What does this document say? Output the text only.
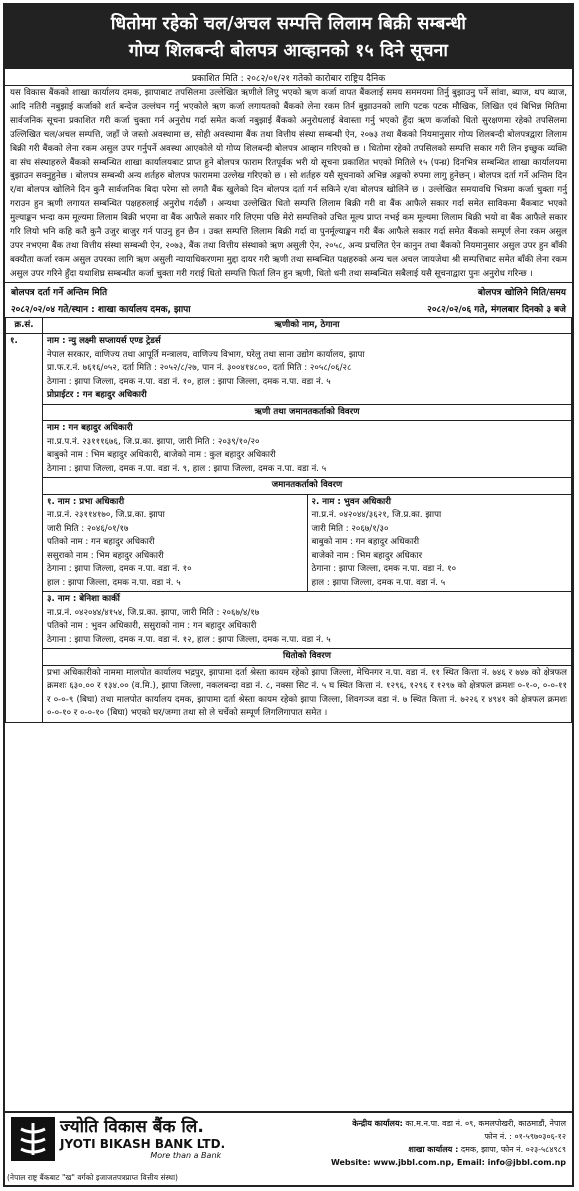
धितोमा रहेको चल/अचल सम्पत्ति लिलाम बिक्री सम्बन्धी
गोप्य शिलबन्दी बोलपत्र आव्हानको १५ दिने सूचना
प्रकाशित मिति : २०८२/०१/२१ गतेको कारोबार राष्ट्रिय दैनिक
यस विकास बैंकको शाखा कार्यालय दमक, झापाबाट तपसिलमा उल्लेखित ऋणीले लिएु भएको ऋण कर्जा वापत बैंकलाई समय सममयमा तिर्नु बुझाउनु पर्ने सांवा, ब्याज, थप ब्याज, आदि नतिरी नबुझाई कर्जाको शर्त बन्देज उल्लंघन गर्नु भएकोले ऋण कर्जा लगायतको बैंकको लेना रकम तिर्न बुझाउनको लागि पटक पटक मौखिक, लिखित एवं बिभिन्न मितिमा सार्वजनिक सूचना प्रकाशित गरी कर्जा चुक्ता गर्न अनुरोध गर्दा समेत कर्जा नबुझाई बैंकको अनुरोधलाई बेवास्ता गर्नु भएको हुँदा ऋण कर्जाको धितो सुरक्षणमा रहेको तपसिलमा उल्लिखित चल/अचल सम्पत्ति, जहाँ जे जस्तो अवस्थामा छ, सोही अवस्थामा बैंक तथा वित्तीय संस्था सम्बन्धी ऐन, २०७३ तथा बैंकको नियमानुसार गोप्य शिलबन्दी बोलपत्रद्वारा लिलाम बिक्री गरी बैंकको लेना रकम असुल उपर गर्नुपर्ने अवस्था आएकोले यो गोप्य शिलबन्दी बोलपत्र आव्हान गरिएको छ । धितोमा रहेको तपसिलको सम्पत्ति सकार गरी लिन इच्छुक व्यक्ति वा संघ संस्थाहरुले बैंकको सम्बन्धित शाखा कार्यालयबाट प्राप्त हुने बोलपत्र फाराम रितपूर्वक भरी यो सूचना प्रकाशित भएको मितिले १५ (पन्ध्र) दिनभित्र सम्बन्धित शाखा कार्यालयमा बुझाउन सक्नुहुनेछ । बोलपत्र सम्बन्धी अन्य शर्तहरु बोलपत्र फाराममा उल्लेख गरिएको छ । सो शर्तहरु यसै सूचनाको अभिन्न अङ्गको रुपमा लागु हुनेछन् । बोलपत्र दर्ता गर्ने अन्तिम दिन र/वा बोलपत्र खोलिने दिन कुनै सार्वजनिक बिदा परेमा सो लगतै बैंक खुलेको दिन बोलपत्र दर्ता गर्न सकिने र/वा बोलपत्र खोलिने छ । उल्लेखित समयावधि भित्रमा कर्जा चुक्ता गर्नु गराउन हुन ऋणी लगायत सम्बन्धित पक्षहरुलाई अनुरोध गर्दछौं । अन्यथा उल्लेखित धितो सम्पत्ति लिलाम बिक्री गरी वा बैंक आफैले सकार गर्दा समेत साविकमा बैंकबाट भएको मुल्याङ्कन भन्दा कम मूल्यमा लिलाम बिक्री भएमा वा बैंक आफैले सकार गरि लिएमा पछि मेरो सम्पत्तिको उचित मूल्य प्राप्त नभई कम मूल्यमा लिलाम बिक्री भयो वा बैंक आफैले सकार गरि लियो भनि कहि कतै कुनै उजुर बाजुर गर्न पाउनु हुन छैन । उक्त सम्पत्ति लिलाम बिक्री गर्दा वा पुनर्मूल्याङ्कन गरी बैंक आफैले सकार गर्दा समेत बैंकको सम्पूर्ण लेना रकम असुल उपर नभएमा बैंक तथा वित्तीय संस्था सम्बन्धी ऐन, २०७३, बैंक तथा वित्तीय संस्थाको ऋण असुली ऐन, २०५८, अन्य प्रचलित ऐन कानुन तथा बैंकको नियमानुसार असुल उपर हुन बाँकी बक्यौता कर्जा रकम असुल उपरका लागि ऋण असुली न्यायाधिकरणमा मुद्दा दायर गरी ऋणी तथा सम्बन्धित पक्षहरुको अन्य चल अचल जायजेथा श्री सम्पत्तिबाट समेत बाँकी लेना रकम असुल उपर गरिने हुँदा यथाशिघ्र सम्बन्धीत कर्जा चुक्ता गरी गराई धितो सम्पत्ति फिर्ता लिन हुन ऋणी, धितो धनी तथा सम्बन्धित सबैलाई यसै सूचनाद्वारा पुनः अनुरोध गरिन्छ ।
बोलपत्र दर्ता गर्ने अन्तिम मिति	बोलपत्र खोलिने मिति/समय
२०८२/०२/०४ गते/स्थान : शाखा कार्यालय दमक, झापा	२०८२/०२/०६ गते, मंगलबार दिनको ३ बजे
क्र.सं.	ऋणीको नाम, ठेगाना
१.	नाम : न्यु लक्ष्मी सप्लायर्स एण्ड ट्रेडर्स
नेपाल सरकार, वाणिज्य तथा आपूर्ति मन्त्रालय, वाणिज्य विभाग, घरेलु तथा साना उद्योग कार्यालय, झापा
प्रा.फ.र.नं. ७६१६/०५२, दर्ता मिति : २०५२/८/२७, पान नं. ३००४१४८००, दर्ता मिति : २०५८/०६/२८
ठेगाना : झापा जिल्ला, दमक न.पा. वडा नं. १०, हाल : झापा जिल्ला, दमक न.पा. वडा नं. ५
प्रोप्राईटर : गन बहादुर अधिकारी

ऋणी तथा जमानतकर्ताको विवरण

नाम : गन बहादुर अधिकारी
ना.प्र.प.नं. २३१११६७६, जि.प्र.का. झापा, जारी मिति : २०३९/१०/२०
बाबुको नाम : भिम बहादुर अधिकारी, बाजेको नाम : कुल बहादुर अधिकारी
ठेगाना : झापा जिल्ला, दमक न.पा. वडा नं. ९, हाल : झापा जिल्ला, दमक न.पा. वडा नं. ५

जमानतकर्ताको विवरण

१. नाम : प्रभा अधिकारी
ना.प्र.नं. २३११४१७०, जि.प्र.का. झापा
जारी मिति : २०४६/०१/१७
पतिको नाम : गन बहादुर अधिकारी
ससुराको नाम : भिम बहादुर अधिकारी
ठेगाना : झापा जिल्ला, दमक न.पा. वडा नं. १०
हाल : झापा जिल्ला, दमक न.पा. वडा नं. ५

२. नाम : भुवन अधिकारी
ना.प्र.नं. ०४२०४४/३६२१, जि.प्र.का. झापा
जारी मिति : २०६७/१/३०
बाबुको नाम : गन बहादुर अधिकारी
बाजेको नाम : भिम बहादुर अधिकार
ठेगाना : झापा जिल्ला, दमक न.पा. वडा नं. १०
हाल : झापा जिल्ला, दमक न.पा. वडा नं. ५

३. नाम : बेनिशा कार्की
ना.प्र.नं. ०४२०४४/४१५४, जि.प्र.का. झापा, जारी मिति : २०६७/४/१७
पतिको नाम : भुवन अधिकारी, ससुराको नाम : गन बहादुर अधिकारी
ठेगाना : झापा जिल्ला, दमक न.पा. वडा नं. १२, हाल : झापा जिल्ला, दमक न.पा. वडा नं. ५

धितोको विवरण
प्रभा अधिकारीको नाममा मालपोत कार्यालय भद्रपुर, झापामा दर्ता श्रेस्ता कायम रहेको झापा जिल्ला, मेचिनगर न.पा. वडा नं. ११ स्थित कित्ता नं. ७४६ र ७४७ को क्षेत्रफल क्रमशः ६३०.०० र १३४.०० (व.मि.), झापा जिल्ला, नकलबन्दा वडा नं. ८, नक्सा सिट नं. ५ घ स्थित कित्ता नं. १२९६, १२९६ र १२९७ को क्षेत्रफल क्रमशः ०-१-०, ०-०-११ र ०-०-९ (बिघा) तथा मालपोत कार्यालय दमक, झापामा दर्ता श्रेस्ता कायम रहेको झापा जिल्ला, शिवगञ्ज वडा नं. ७ स्थित कित्ता नं. ७२२६ र ४९४१ को क्षेत्रफल क्रमशः ०-०-१० र ०-०-१० (बिघा) भएको घर/जग्गा तथा सो ले चर्चेको सम्पूर्ण लिगलिगापात समेत ।
ज्योति विकास बैंक लि.
JYOTI BIKASH BANK LTD.
More than a Bank
(नेपाल राष्ट्र बैंकबाट "ख" वर्गको इजाजतपत्रप्राप्त वित्तीय संस्था)
केन्द्रीय कार्यालय: का.म.न.पा. वडा नं. ०९, कमलपोखरी, काठमाडौं, नेपाल
फोन नं. : ०१-५९७०३०६-१२
शाखा कार्यालय : दमक, झापा, फोन नं. ०२३-५८४९८९
Website: www.jbbl.com.np, Email: info@jbbl.com.np
